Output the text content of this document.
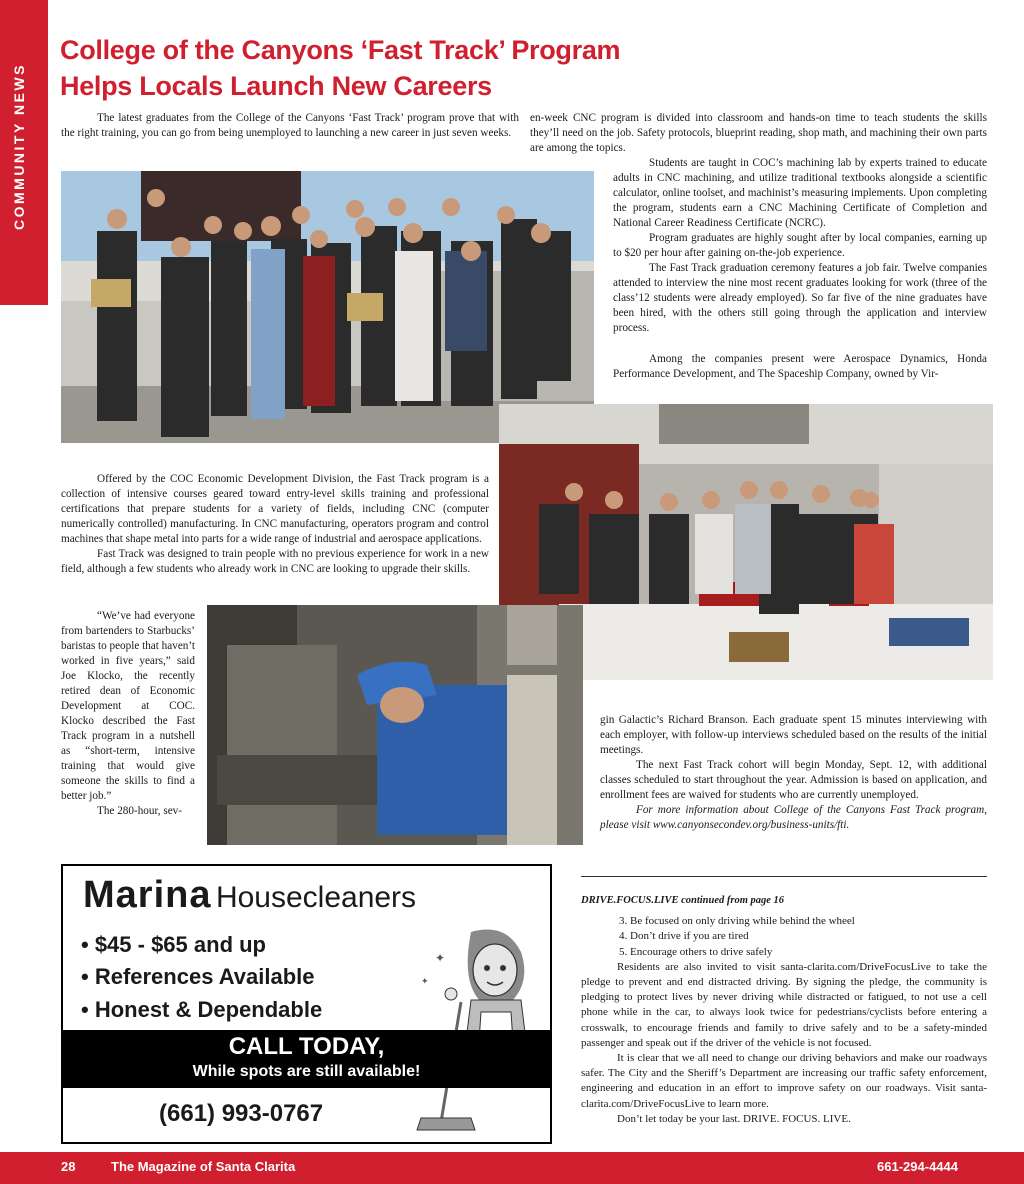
COMMUNITY NEWS
College of the Canyons ‘Fast Track’ Program
Helps Locals Launch New Careers

The latest graduates from the College of the Canyons ‘Fast Track’ program prove that with the right training, you can go from being unemployed to launching a new career in just seven weeks.

en-week CNC program is divided into classroom and hands-on time to teach students the skills they’ll need on the job. Safety protocols, blueprint reading, shop math, and machining their own parts are among the topics.

Students are taught in COC’s machining lab by experts trained to educate adults in CNC machining, and utilize traditional textbooks alongside a scientific calculator, online toolset, and machinist’s measuring implements. Upon completing the program, students earn a CNC Machining Certificate of Completion and National Career Readiness Certificate (NCRC).

Program graduates are highly sought after by local companies, earning up to $20 per hour after gaining on-the-job experience.

The Fast Track graduation ceremony features a job fair. Twelve companies attended to interview the nine most recent graduates looking for work (three of the class’12 students were already employed). So far five of the nine graduates have been hired, with the others still going through the application and interview process.

Among the companies present were Aerospace Dynamics, Honda Performance Development, and The Spaceship Company, owned by Vir-

Offered by the COC Economic Development Division, the Fast Track program is a collection of intensive courses geared toward entry-level skills training and professional certifications that prepare students for a variety of fields, including CNC (computer numerically controlled) manufacturing. In CNC manufacturing, operators program and control machines that shape metal into parts for a wide range of industrial and aerospace applications.

Fast Track was designed to train people with no previous experience for work in a new field, although a few students who already work in CNC are looking to upgrade their skills.

“We’ve had everyone from bartenders to Starbucks’ baristas to people that haven’t worked in five years,” said Joe Klocko, the recently retired dean of Economic Development at COC. Klocko described the Fast Track program in a nutshell as “short-term, intensive training that would give someone the skills to find a better job.”

The 280-hour, sev-

gin Galactic’s Richard Branson. Each graduate spent 15 minutes interviewing with each employer, with follow-up interviews scheduled based on the results of the initial meetings.

The next Fast Track cohort will begin Monday, Sept. 12, with additional classes scheduled to start throughout the year. Admission is based on application, and enrollment fees are waived for students who are currently unemployed.

For more information about College of the Canyons Fast Track program, please visit www.canyonsecondev.org/business-units/fti.

Marina Housecleaners
• $45 - $65 and up
• References Available
• Honest & Dependable
✦
✦
CALL TODAY,
While spots are still available!
(661) 993-0767

DRIVE.FOCUS.LIVE continued from page 16

3. Be focused on only driving while behind the wheel

4. Don’t drive if you are tired

5. Encourage others to drive safely

Residents are also invited to visit santa-clarita.com/DriveFocusLive to take the pledge to prevent and end distracted driving. By signing the pledge, the community is pledging to protect lives by never driving while distracted or fatigued, to not use a cell phone while in the car, to always look twice for pedestrians/cyclists before entering a crosswalk, to encourage friends and family to drive safely and to be a safety-minded passenger and speak out if the driver of the vehicle is not focused.

It is clear that we all need to change our driving behaviors and make our roadways safer. The City and the Sheriff’s Department are increasing our traffic safety enforcement, engineering and education in an effort to improve safety on our roadways. Visit santa-clarita.com/DriveFocusLive to learn more.

Don’t let today be your last. DRIVE. FOCUS. LIVE.

28	The Magazine of Santa Clarita	661-294-4444
